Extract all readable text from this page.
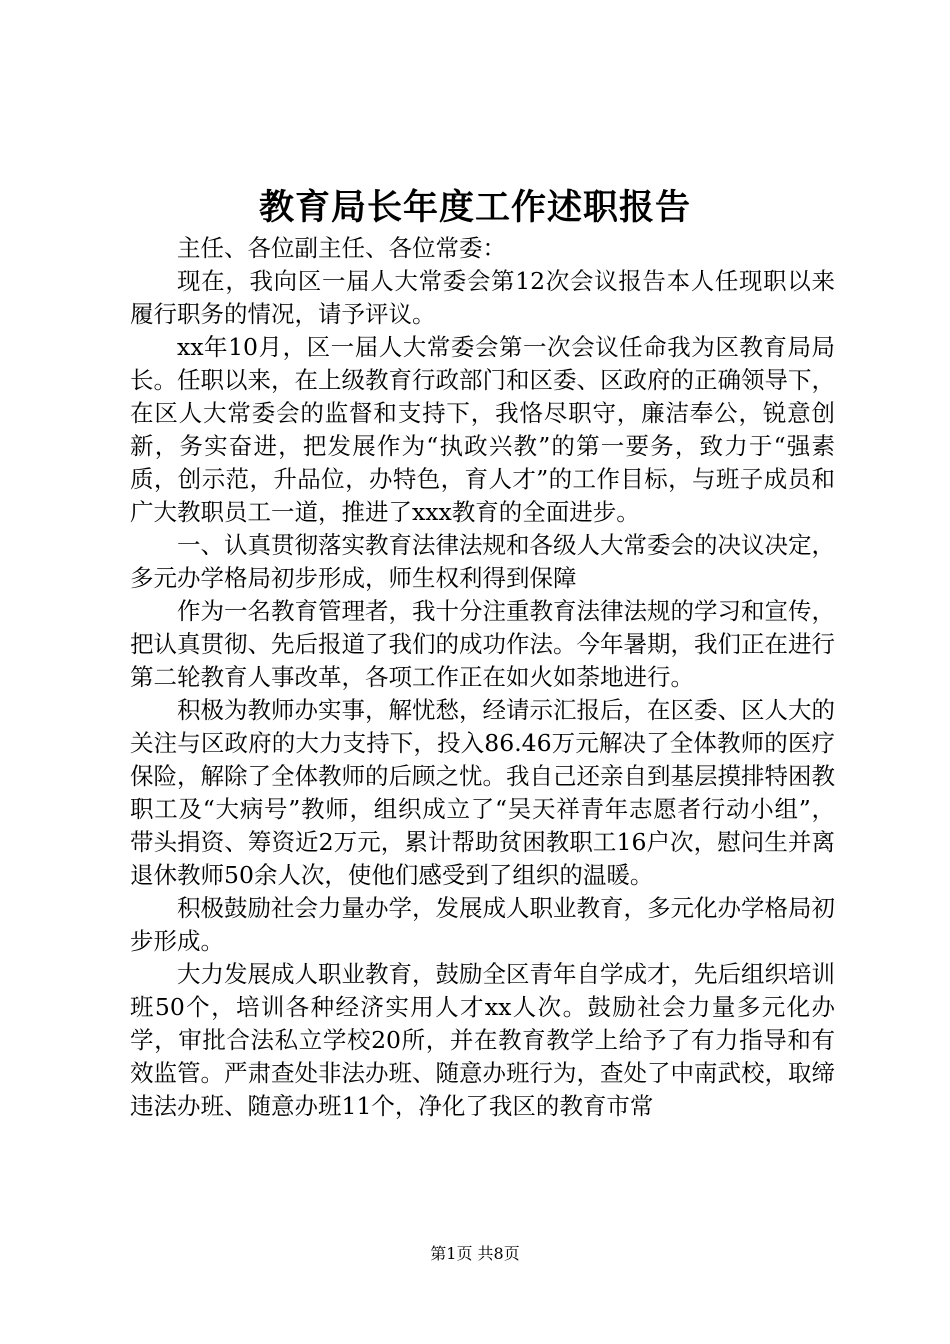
教育局长年度工作述职报告

主任、各位副主任、各位常委：

现在，我向区一届人大常委会第12次会议报告本人任现职以来履行职务的情况，请予评议。

xx年10月，区一届人大常委会第一次会议任命我为区教育局局长。任职以来，在上级教育行政部门和区委、区政府的正确领导下，在区人大常委会的监督和支持下，我恪尽职守，廉洁奉公，锐意创新，务实奋进，把发展作为“执政兴教”的第一要务，致力于“强素质，创示范，升品位，办特色，育人才”的工作目标，与班子成员和广大教职员工一道，推进了xxx教育的全面进步。

一、认真贯彻落实教育法律法规和各级人大常委会的决议决定，多元办学格局初步形成，师生权利得到保障

作为一名教育管理者，我十分注重教育法律法规的学习和宣传，把认真贯彻、先后报道了我们的成功作法。今年暑期，我们正在进行第二轮教育人事改革，各项工作正在如火如荼地进行。

积极为教师办实事，解忧愁，经请示汇报后，在区委、区人大的关注与区政府的大力支持下，投入86.46万元解决了全体教师的医疗保险，解除了全体教师的后顾之忧。我自己还亲自到基层摸排特困教职工及“大病号”教师，组织成立了“吴天祥青年志愿者行动小组”，带头捐资、筹资近2万元，累计帮助贫困教职工16户次，慰问生并离退休教师50余人次，使他们感受到了组织的温暖。

积极鼓励社会力量办学，发展成人职业教育，多元化办学格局初步形成。

大力发展成人职业教育，鼓励全区青年自学成才，先后组织培训班50个，培训各种经济实用人才xx人次。鼓励社会力量多元化办学，审批合法私立学校20所，并在教育教学上给予了有力指导和有效监管。严肃查处非法办班、随意办班行为，查处了中南武校，取缔违法办班、随意办班11个，净化了我区的教育市常

第1页 共8页
